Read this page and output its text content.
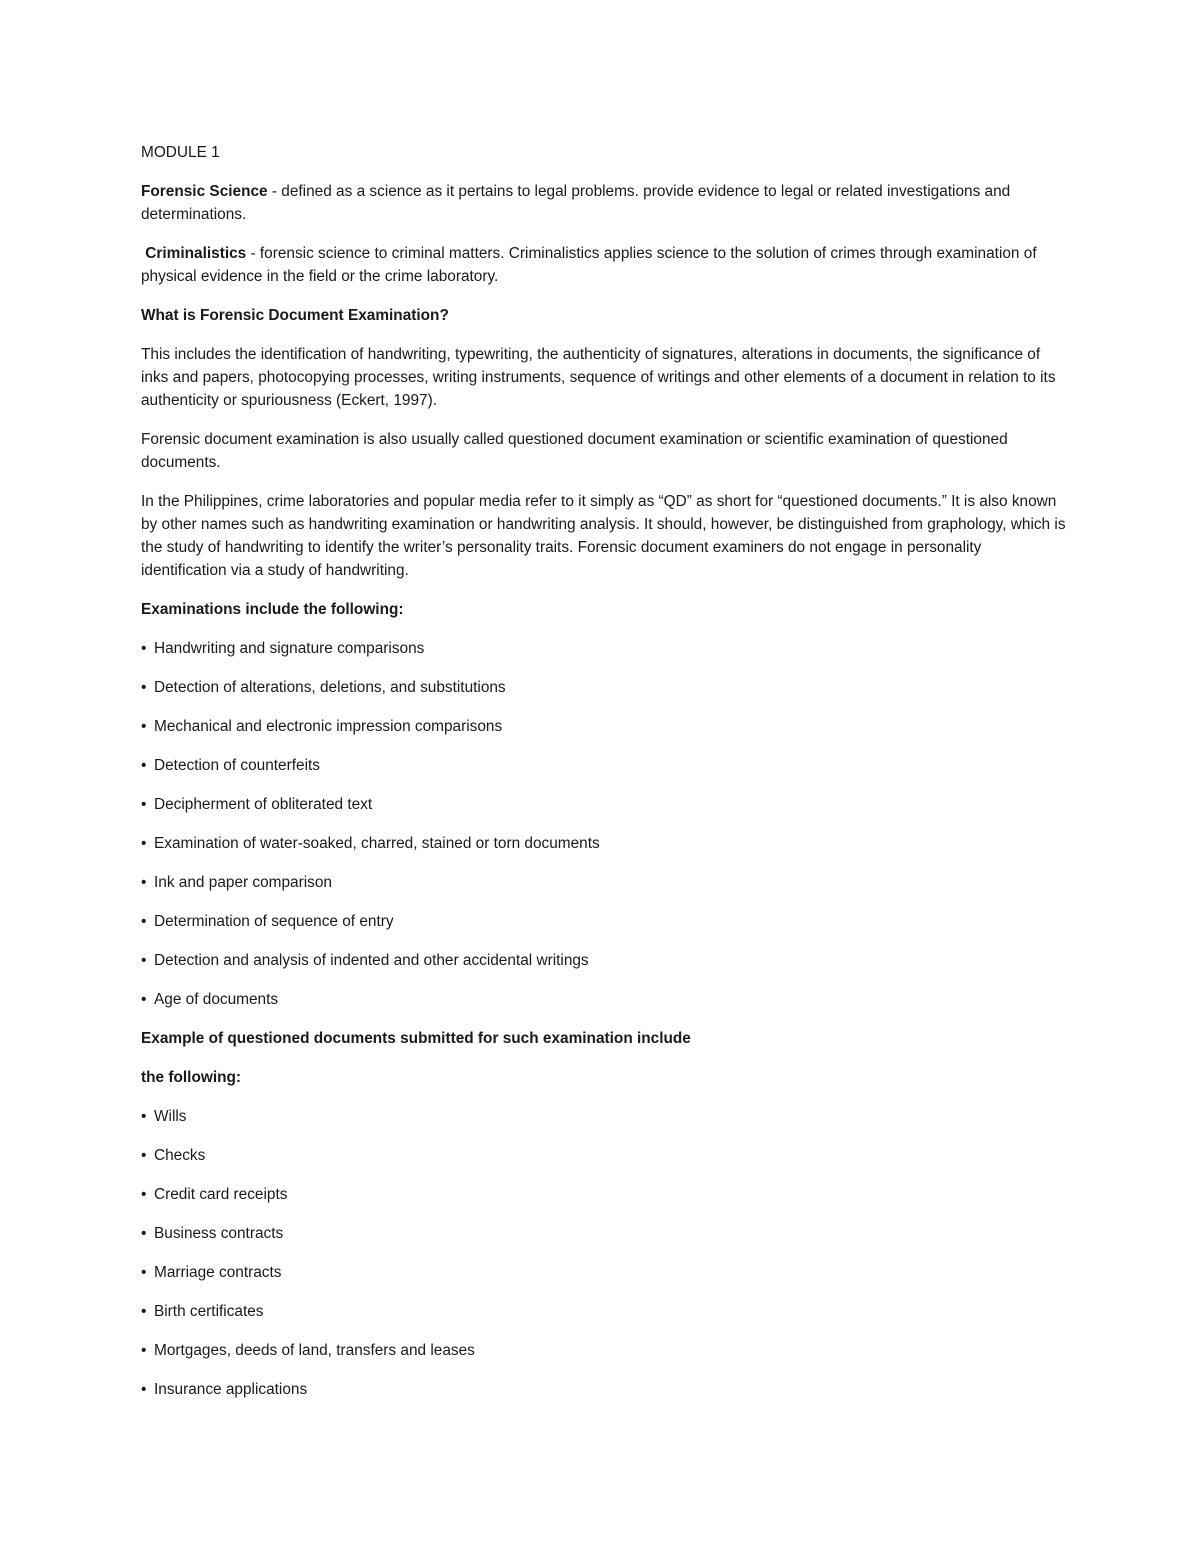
MODULE 1

Forensic Science - defined as a science as it pertains to legal problems. provide evidence to legal or related investigations and determinations.

Criminalistics - forensic science to criminal matters. Criminalistics applies science to the solution of crimes through examination of physical evidence in the field or the crime laboratory.

What is Forensic Document Examination?

This includes the identification of handwriting, typewriting, the authenticity of signatures, alterations in documents, the significance of inks and papers, photocopying processes, writing instruments, sequence of writings and other elements of a document in relation to its authenticity or spuriousness (Eckert, 1997).

Forensic document examination is also usually called questioned document examination or scientific examination of questioned documents.

In the Philippines, crime laboratories and popular media refer to it simply as “QD” as short for “questioned documents.” It is also known by other names such as handwriting examination or handwriting analysis. It should, however, be distinguished from graphology, which is the study of handwriting to identify the writer’s personality traits. Forensic document examiners do not engage in personality identification via a study of handwriting.

Examinations include the following:

• Handwriting and signature comparisons
• Detection of alterations, deletions, and substitutions
• Mechanical and electronic impression comparisons
• Detection of counterfeits
• Decipherment of obliterated text
• Examination of water-soaked, charred, stained or torn documents
• Ink and paper comparison
• Determination of sequence of entry
• Detection and analysis of indented and other accidental writings
• Age of documents

Example of questioned documents submitted for such examination include

the following:

• Wills
• Checks
• Credit card receipts
• Business contracts
• Marriage contracts
• Birth certificates
• Mortgages, deeds of land, transfers and leases
• Insurance applications
